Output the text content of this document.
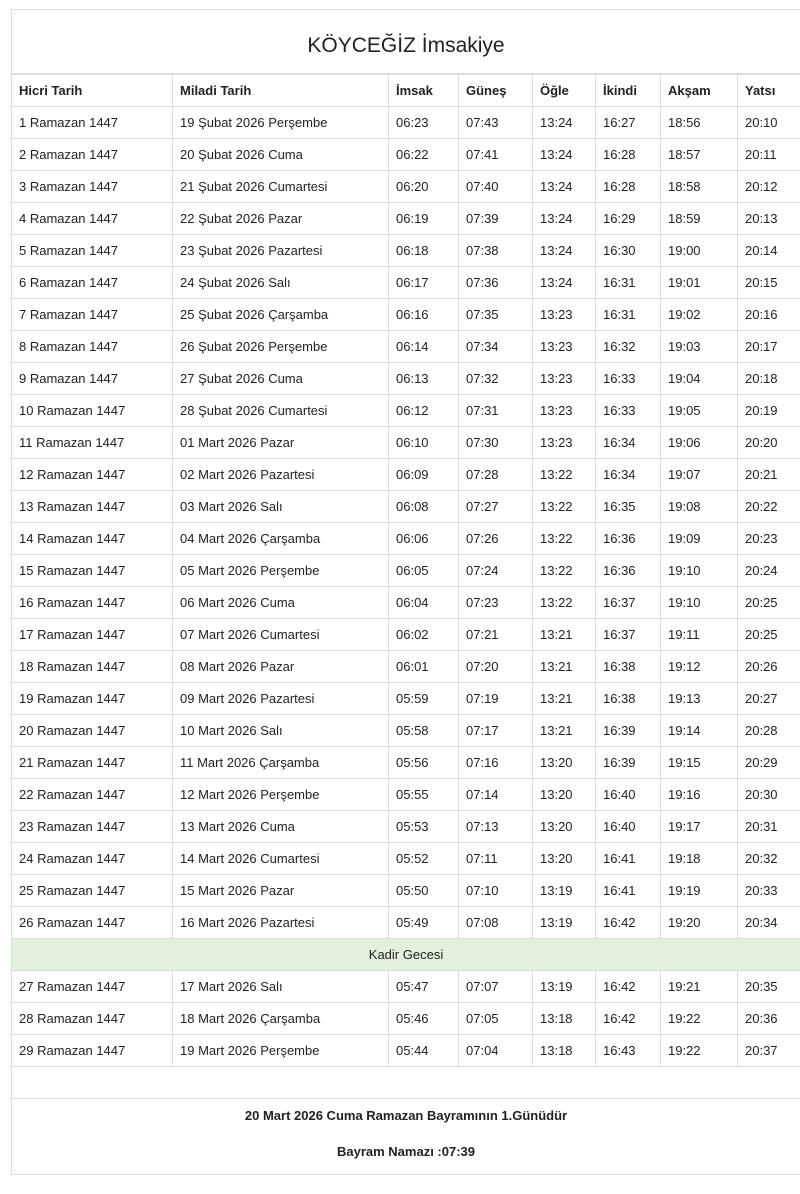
KÖYCEĞİZ İmsakiye
Hicri Tarih	Miladi Tarih	İmsak	Güneş	Öğle	İkindi	Akşam	Yatsı
1 Ramazan 1447	19 Şubat 2026 Perşembe	06:23	07:43	13:24	16:27	18:56	20:10
2 Ramazan 1447	20 Şubat 2026 Cuma	06:22	07:41	13:24	16:28	18:57	20:11
3 Ramazan 1447	21 Şubat 2026 Cumartesi	06:20	07:40	13:24	16:28	18:58	20:12
4 Ramazan 1447	22 Şubat 2026 Pazar	06:19	07:39	13:24	16:29	18:59	20:13
5 Ramazan 1447	23 Şubat 2026 Pazartesi	06:18	07:38	13:24	16:30	19:00	20:14
6 Ramazan 1447	24 Şubat 2026 Salı	06:17	07:36	13:24	16:31	19:01	20:15
7 Ramazan 1447	25 Şubat 2026 Çarşamba	06:16	07:35	13:23	16:31	19:02	20:16
8 Ramazan 1447	26 Şubat 2026 Perşembe	06:14	07:34	13:23	16:32	19:03	20:17
9 Ramazan 1447	27 Şubat 2026 Cuma	06:13	07:32	13:23	16:33	19:04	20:18
10 Ramazan 1447	28 Şubat 2026 Cumartesi	06:12	07:31	13:23	16:33	19:05	20:19
11 Ramazan 1447	01 Mart 2026 Pazar	06:10	07:30	13:23	16:34	19:06	20:20
12 Ramazan 1447	02 Mart 2026 Pazartesi	06:09	07:28	13:22	16:34	19:07	20:21
13 Ramazan 1447	03 Mart 2026 Salı	06:08	07:27	13:22	16:35	19:08	20:22
14 Ramazan 1447	04 Mart 2026 Çarşamba	06:06	07:26	13:22	16:36	19:09	20:23
15 Ramazan 1447	05 Mart 2026 Perşembe	06:05	07:24	13:22	16:36	19:10	20:24
16 Ramazan 1447	06 Mart 2026 Cuma	06:04	07:23	13:22	16:37	19:10	20:25
17 Ramazan 1447	07 Mart 2026 Cumartesi	06:02	07:21	13:21	16:37	19:11	20:25
18 Ramazan 1447	08 Mart 2026 Pazar	06:01	07:20	13:21	16:38	19:12	20:26
19 Ramazan 1447	09 Mart 2026 Pazartesi	05:59	07:19	13:21	16:38	19:13	20:27
20 Ramazan 1447	10 Mart 2026 Salı	05:58	07:17	13:21	16:39	19:14	20:28
21 Ramazan 1447	11 Mart 2026 Çarşamba	05:56	07:16	13:20	16:39	19:15	20:29
22 Ramazan 1447	12 Mart 2026 Perşembe	05:55	07:14	13:20	16:40	19:16	20:30
23 Ramazan 1447	13 Mart 2026 Cuma	05:53	07:13	13:20	16:40	19:17	20:31
24 Ramazan 1447	14 Mart 2026 Cumartesi	05:52	07:11	13:20	16:41	19:18	20:32
25 Ramazan 1447	15 Mart 2026 Pazar	05:50	07:10	13:19	16:41	19:19	20:33
26 Ramazan 1447	16 Mart 2026 Pazartesi	05:49	07:08	13:19	16:42	19:20	20:34
Kadir Gecesi							
27 Ramazan 1447	17 Mart 2026 Salı	05:47	07:07	13:19	16:42	19:21	20:35
28 Ramazan 1447	18 Mart 2026 Çarşamba	05:46	07:05	13:18	16:42	19:22	20:36
29 Ramazan 1447	19 Mart 2026 Perşembe	05:44	07:04	13:18	16:43	19:22	20:37
20 Mart 2026 Cuma Ramazan Bayramının 1.Günüdür
Bayram Namazı :07:39
